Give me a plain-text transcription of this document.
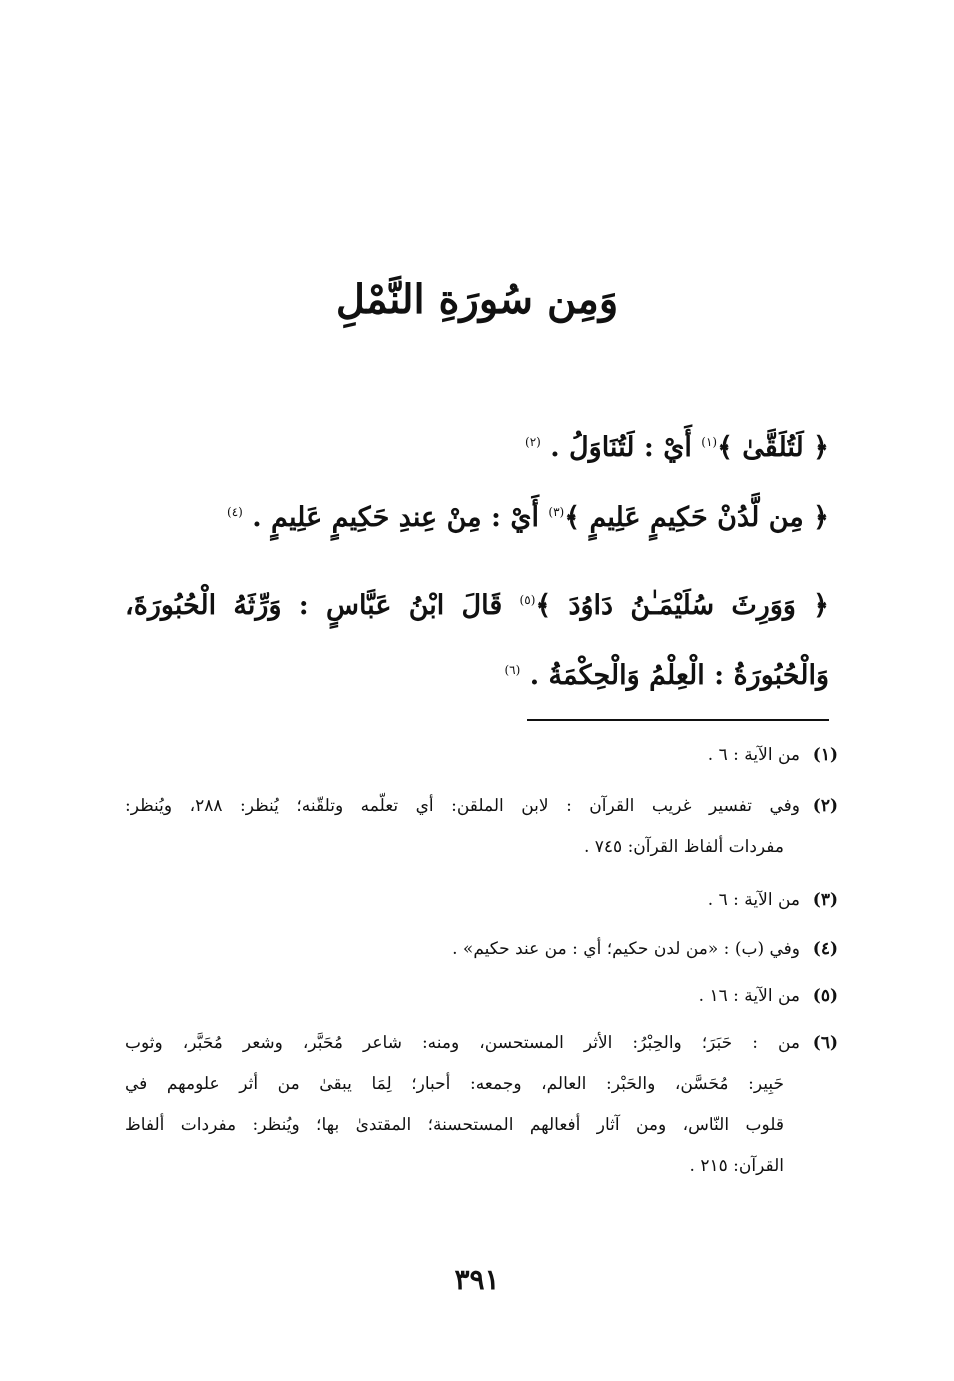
وَمِن سُورَةِ النَّمْلِ
﴿ لَتُلَقَّىٰ ﴾$^{(١)}$ أَيْ : لَتُنَاوَلُ . $^{(٢)}$
﴿ مِن لَّدُنْ حَكِيمٍ عَلِيمٍ ﴾$^{(٣)}$ أَيْ : مِنْ عِندِ حَكِيمٍ عَلِيمٍ . $^{(٤)}$
﴿ وَوَرِثَ سُلَيْمَـٰنُ دَاوُدَ ﴾$^{(٥)}$ قَالَ ابْنُ عَبَّاسٍ : وَرِّثَهُ الْحُبُورَةَ،
وَالْحُبُورَةُ : الْعِلْمُ وَالْحِكْمَةُ . $^{(٦)}$
(١)من الآية : ٦ .
(٢)وفي تفسير غريب القرآن : لابن الملقن: أي تعلّمه وتلقّنه؛ يُنظر: ٢٨٨، ويُنظر:
مفردات ألفاظ القرآن: ٧٤٥ .
(٣)من الآية : ٦ .
(٤)وفي (ب) : «من لدن حكيم؛ أي : من عند حكيم» .
(٥)من الآية : ١٦ .
(٦)من : حَبَرَ؛ والحِبْرُ: الأثر المستحسن، ومنه: شاعر مُحَبَّر، وشعر مُحَبَّر، وثوب
حَبِير: مُحَسَّن، والحَبْر: العالم، وجمعه: أحبار؛ لِمَا يبقىٰ من أثر علومهم في
قلوب النّاس، ومن آثار أفعالهم المستحسنة؛ المقتدىٰ بها؛ ويُنظر: مفردات ألفاظ
القرآن: ٢١٥ .
٣٩١
